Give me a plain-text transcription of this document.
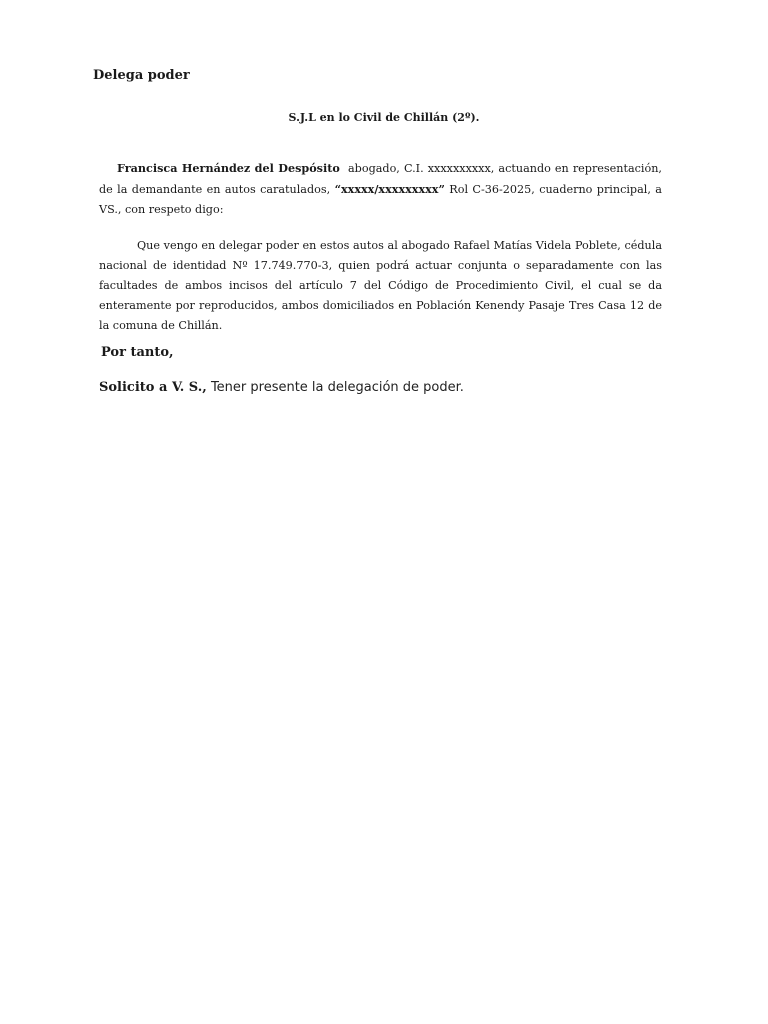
Delega poder

S.J.L en lo Civil de Chillán (2º).

Francisca Hernández del Despósito abogado, C.I. xxxxxxxxxx, actuando en representación, de la demandante en autos caratulados, “xxxxx/xxxxxxxxx” Rol C-36-2025, cuaderno principal, a VS., con respeto digo:

Que vengo en delegar poder en estos autos al abogado Rafael Matías Videla Poblete, cédula nacional de identidad Nº 17.749.770-3, quien podrá actuar conjunta o separadamente con las facultades de ambos incisos del artículo 7 del Código de Procedimiento Civil, el cual se da enteramente por reproducidos, ambos domiciliados en Población Kenendy Pasaje Tres Casa 12 de la comuna de Chillán.

Por tanto,

Solicito a V. S., Tener presente la delegación de poder.
